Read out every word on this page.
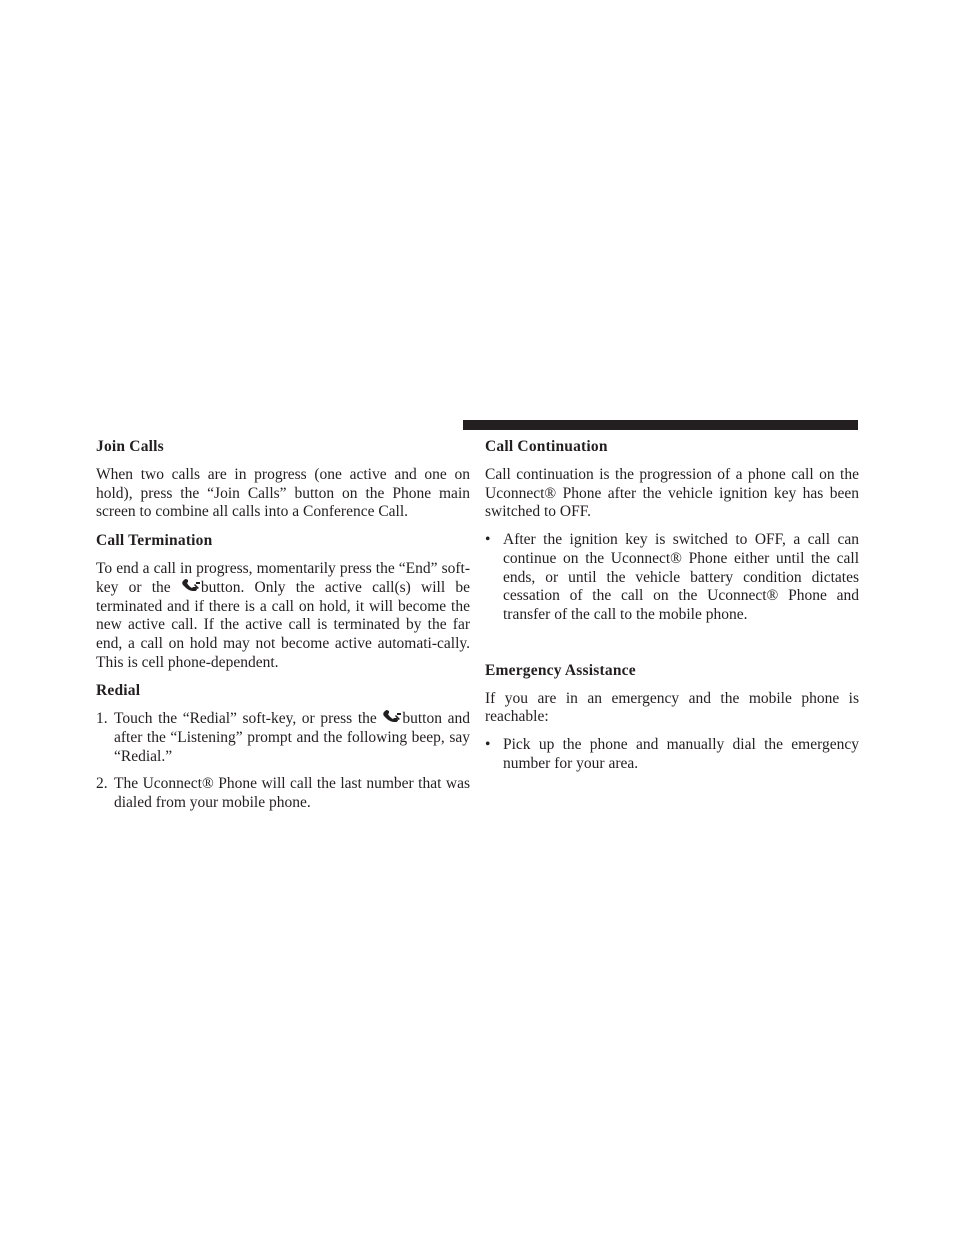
Join Calls

When two calls are in progress (one active and one on hold), press the “Join Calls” button on the Phone main screen to combine all calls into a Conference Call.

Call Termination

To end a call in progress, momentarily press the “End” soft-key or the button. Only the active call(s) will be terminated and if there is a call on hold, it will become the new active call. If the active call is terminated by the far end, a call on hold may not become active automati-cally. This is cell phone-dependent.

Redial
1. Touch the “Redial” soft-key, or press the button and after the “Listening” prompt and the following beep, say “Redial.”
2. The Uconnect® Phone will call the last number that was dialed from your mobile phone.
Call Continuation

Call continuation is the progression of a phone call on the Uconnect® Phone after the vehicle ignition key has been switched to OFF.

• After the ignition key is switched to OFF, a call can continue on the Uconnect® Phone either until the call ends, or until the vehicle battery condition dictates cessation of the call on the Uconnect® Phone and transfer of the call to the mobile phone.
Emergency Assistance

If you are in an emergency and the mobile phone is reachable:

• Pick up the phone and manually dial the emergency number for your area.
